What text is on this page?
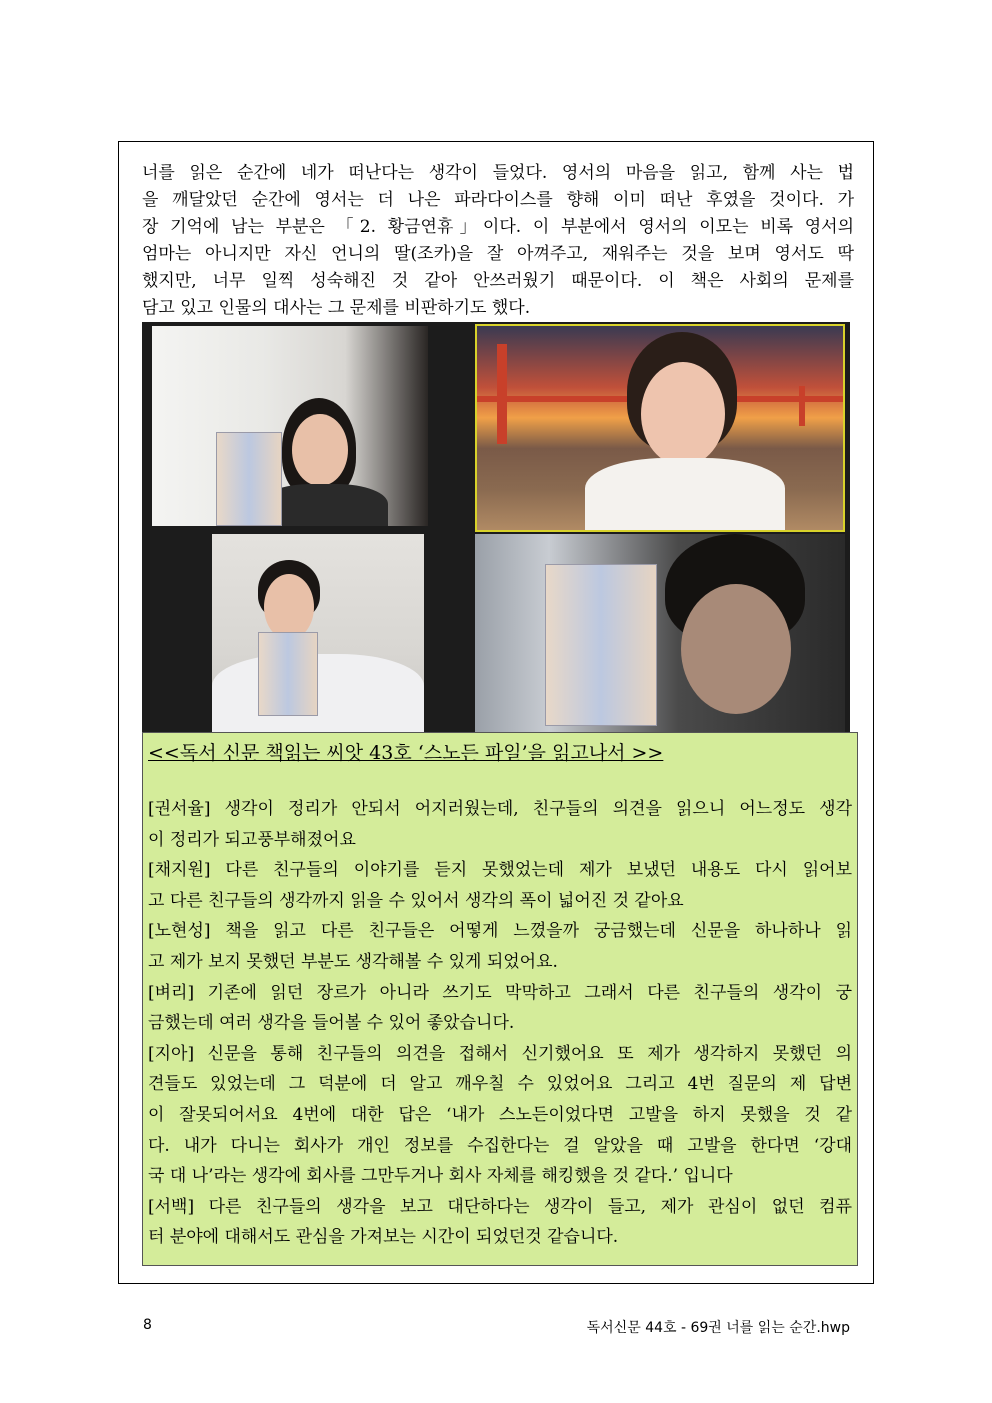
너를 읽은 순간에 네가 떠난다는 생각이 들었다. 영서의 마음을 읽고, 함께 사는 법
을 깨달았던 순간에 영서는 더 나은 파라다이스를 향해 이미 떠난 후였을 것이다. 가
장 기억에 남는 부분은 「2. 황금연휴」이다. 이 부분에서 영서의 이모는 비록 영서의
엄마는 아니지만 자신 언니의 딸(조카)을 잘 아껴주고, 재워주는 것을 보며 영서도 딱
했지만, 너무 일찍 성숙해진 것 같아 안쓰러웠기 때문이다. 이 책은 사회의 문제를
담고 있고 인물의 대사는 그 문제를 비판하기도 했다.

<<독서 신문 책읽는 씨앗 43호 ‘스노든 파일’을 읽고나서 >>

[권서율] 생각이 정리가 안되서 어지러웠는데, 친구들의 의견을 읽으니 어느정도 생각
이 정리가 되고풍부해졌어요
[채지원] 다른 친구들의 이야기를 듣지 못했었는데 제가 보냈던 내용도 다시 읽어보
고 다른 친구들의 생각까지 읽을 수 있어서 생각의 폭이 넓어진 것 같아요
[노현성] 책을 읽고 다른 친구들은 어떻게 느꼈을까 궁금했는데 신문을 하나하나 읽
고 제가 보지 못했던 부분도 생각해볼 수 있게 되었어요.
[벼리] 기존에 읽던 장르가 아니라 쓰기도 막막하고 그래서 다른 친구들의 생각이 궁
금했는데 여러 생각을 들어볼 수 있어 좋았습니다.
[지아] 신문을 통해 친구들의 의견을 접해서 신기했어요 또 제가 생각하지 못했던 의
견들도 있었는데 그 덕분에 더 알고 깨우칠 수 있었어요 그리고 4번 질문의 제 답변
이 잘못되어서요 4번에 대한 답은 ‘내가 스노든이었다면 고발을 하지 못했을 것 같
다. 내가 다니는 회사가 개인 정보를 수집한다는 걸 알았을 때 고발을 한다면 ‘강대
국 대 나’라는 생각에 회사를 그만두거나 회사 자체를 해킹했을 것 같다.’ 입니다
[서백] 다른 친구들의 생각을 보고 대단하다는 생각이 들고, 제가 관심이 없던 컴퓨
터 분야에 대해서도 관심을 가져보는 시간이 되었던것 같습니다.

8	독서신문 44호 - 69권 너를 읽는 순간.hwp
